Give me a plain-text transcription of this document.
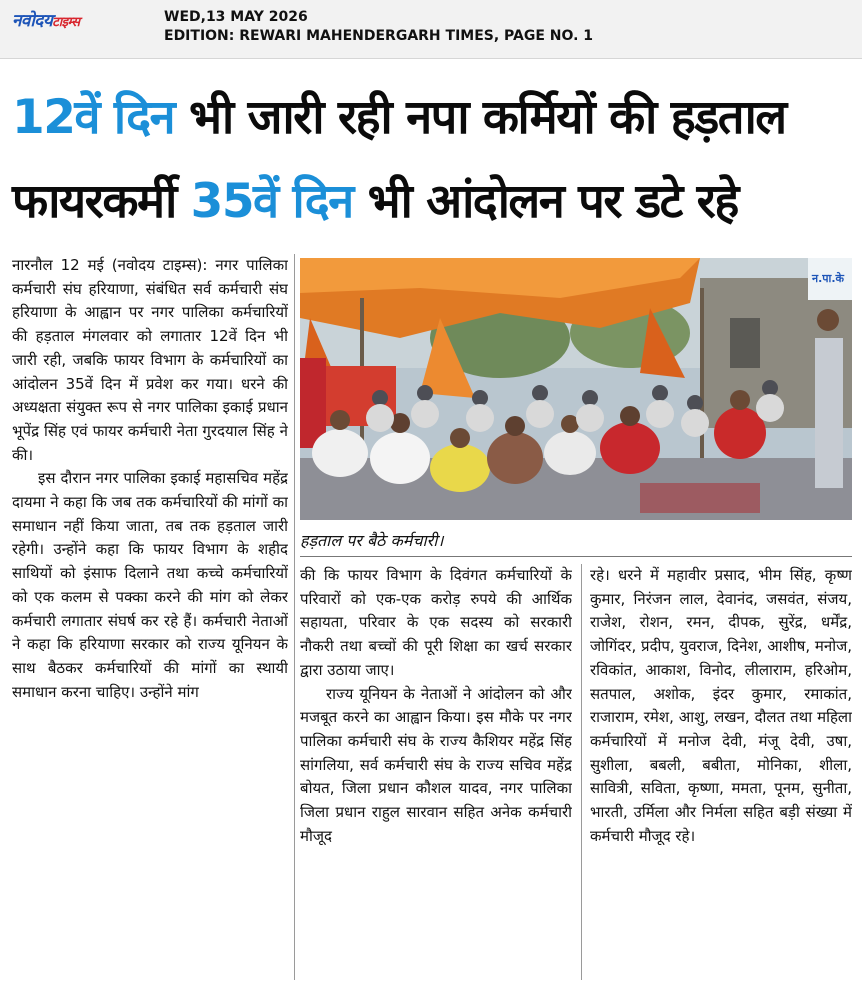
नवोदयटाइम्स	WED,13 MAY 2026
EDITION: REWARI MAHENDERGARH TIMES, PAGE NO. 1
12वें दिन भी जारी रही नपा कर्मियों की हड़ताल
फायरकर्मी 35वें दिन भी आंदोलन पर डटे रहे

नारनौल 12 मई (नवोदय टाइम्स): नगर पालिका कर्मचारी संघ हरियाणा, संबंधित सर्व कर्मचारी संघ हरियाणा के आह्वान पर नगर पालिका कर्मचारियों की हड़ताल मंगलवार को लगातार 12वें दिन भी जारी रही, जबकि फायर विभाग के कर्मचारियों का आंदोलन 35वें दिन में प्रवेश कर गया। धरने की अध्यक्षता संयुक्त रूप से नगर पालिका इकाई प्रधान भूपेंद्र सिंह एवं फायर कर्मचारी नेता गुरदयाल सिंह ने की।

इस दौरान नगर पालिका इकाई महासचिव महेंद्र दायमा ने कहा कि जब तक कर्मचारियों की मांगों का समाधान नहीं किया जाता, तब तक हड़ताल जारी रहेगी। उन्होंने कहा कि फायर विभाग के शहीद साथियों को इंसाफ दिलाने तथा कच्चे कर्मचारियों को एक कलम से पक्का करने की मांग को लेकर कर्मचारी लगातार संघर्ष कर रहे हैं। कर्मचारी नेताओं ने कहा कि हरियाणा सरकार को राज्य यूनियन के साथ बैठकर कर्मचारियों की मांगों का स्थायी समाधान करना चाहिए। उन्होंने मांग

न.पा.के
हड़ताल पर बैठे कर्मचारी।

की कि फायर विभाग के दिवंगत कर्मचारियों के परिवारों को एक-एक करोड़ रुपये की आर्थिक सहायता, परिवार के एक सदस्य को सरकारी नौकरी तथा बच्चों की पूरी शिक्षा का खर्च सरकार द्वारा उठाया जाए।

राज्य यूनियन के नेताओं ने आंदोलन को और मजबूत करने का आह्वान किया। इस मौके पर नगर पालिका कर्मचारी संघ के राज्य कैशियर महेंद्र सिंह सांगलिया, सर्व कर्मचारी संघ के राज्य सचिव महेंद्र बोयत, जिला प्रधान कौशल यादव, नगर पालिका जिला प्रधान राहुल सारवान सहित अनेक कर्मचारी मौजूद

रहे। धरने में महावीर प्रसाद, भीम सिंह, कृष्ण कुमार, निरंजन लाल, देवानंद, जसवंत, संजय, राजेश, रोशन, रमन, दीपक, सुरेंद्र, धर्मेंद्र, जोगिंदर, प्रदीप, युवराज, दिनेश, आशीष, मनोज, रविकांत, आकाश, विनोद, लीलाराम, हरिओम, सतपाल, अशोक, इंदर कुमार, रमाकांत, राजाराम, रमेश, आशु, लखन, दौलत तथा महिला कर्मचारियों में मनोज देवी, मंजू देवी, उषा, सुशीला, बबली, बबीता, मोनिका, शीला, सावित्री, सविता, कृष्णा, ममता, पूनम, सुनीता, भारती, उर्मिला और निर्मला सहित बड़ी संख्या में कर्मचारी मौजूद रहे।
